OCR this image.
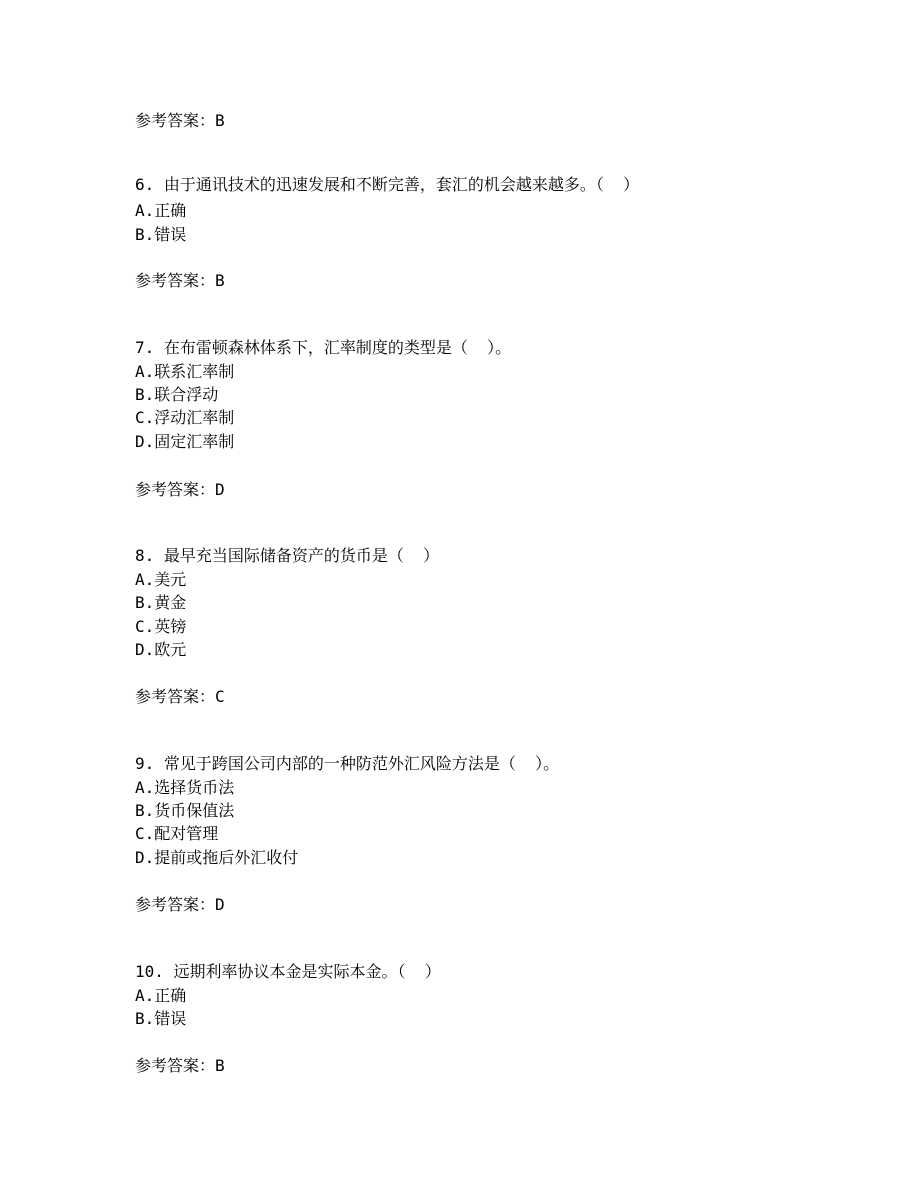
参考答案：B
6. 由于通讯技术的迅速发展和不断完善，套汇的机会越来越多。（  ）
A.正确
B.错误
参考答案：B
7. 在布雷顿森林体系下，汇率制度的类型是（  ）。
A.联系汇率制
B.联合浮动
C.浮动汇率制
D.固定汇率制
参考答案：D
8. 最早充当国际储备资产的货币是（  ）
A.美元
B.黄金
C.英镑
D.欧元
参考答案：C
9. 常见于跨国公司内部的一种防范外汇风险方法是（  ）。
A.选择货币法
B.货币保值法
C.配对管理
D.提前或拖后外汇收付
参考答案：D
10. 远期利率协议本金是实际本金。（  ）
A.正确
B.错误
参考答案：B
